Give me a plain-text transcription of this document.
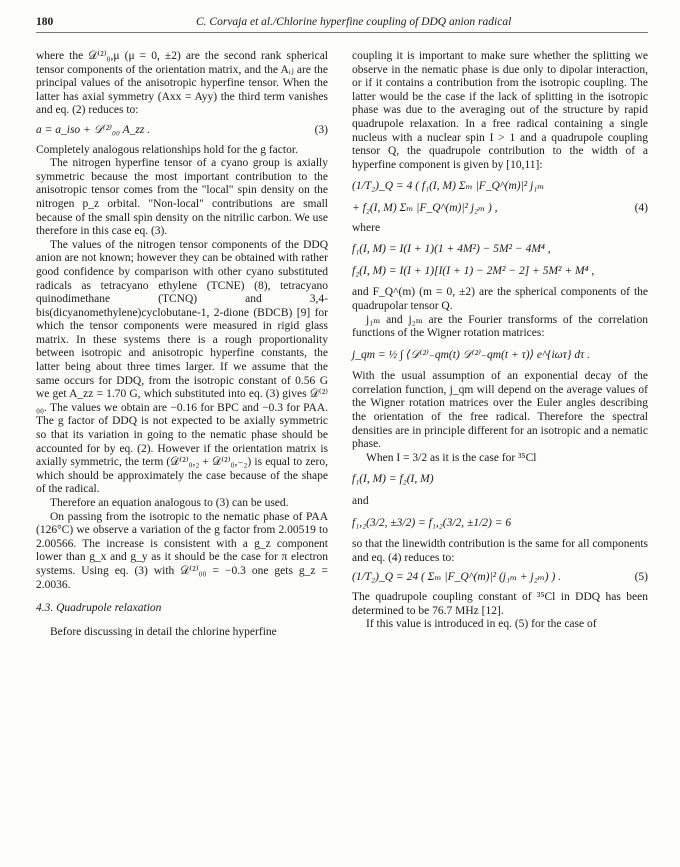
180	C. Corvaja et al./Chlorine hyperfine coupling of DDQ anion radical

where the 𝒟⁽²⁾₀,μ (μ = 0, ±2) are the second rank spherical tensor components of the orientation matrix, and the Aᵢⱼ are the principal values of the anisotropic hyperfine tensor. When the latter has axial symmetry (Axx = Ayy) the third term vanishes and eq. (2) reduces to:

a = a_iso + 𝒟⁽²⁾₀₀ A_zz .	(3)

Completely analogous relationships hold for the g factor.

The nitrogen hyperfine tensor of a cyano group is axially symmetric because the most important contribution to the anisotropic tensor comes from the "local" spin density on the nitrogen p_z orbital. "Non-local" contributions are small because of the small spin density on the nitrilic carbon. We use therefore in this case eq. (3).

The values of the nitrogen tensor components of the DDQ anion are not known; however they can be obtained with rather good confidence by comparison with other cyano substituted radicals as tetracyano ethylene (TCNE) (8), tetracyano quinodimethane (TCNQ) and 3,4-bis(dicyanomethylene)cyclobutane-1, 2-dione (BDCB) [9] for which the tensor components were measured in rigid glass matrix. In these systems there is a rough proportionality between isotropic and anisotropic hyperfine constants, the latter being about three times larger. If we assume that the same occurs for DDQ, from the isotropic constant of 0.56 G we get A_zz = 1.70 G, which substituted into eq. (3) gives 𝒟⁽²⁾₀₀. The values we obtain are −0.16 for BPC and −0.3 for PAA. The g factor of DDQ is not expected to be axially symmetric so that its variation in going to the nematic phase should be accounted for by eq. (2). However if the orientation matrix is axially symmetric, the term (𝒟⁽²⁾₀,₂ + 𝒟⁽²⁾₀,₋₂) is equal to zero, which should be approximately the case because of the shape of the radical.

Therefore an equation analogous to (3) can be used.

On passing from the isotropic to the nematic phase of PAA (126°C) we observe a variation of the g factor from 2.00519 to 2.00566. The increase is consistent with a g_z component lower than g_x and g_y as it should be the case for π electron systems. Using eq. (3) with 𝒟⁽²⁾₀₀ = −0.3 one gets g_z = 2.0036.

4.3. Quadrupole relaxation

Before discussing in detail the chlorine hyperfine

coupling it is important to make sure whether the splitting we observe in the nematic phase is due only to dipolar interaction, or if it contains a contribution from the isotropic coupling. The latter would be the case if the lack of splitting in the isotropic phase was due to the averaging out of the structure by rapid quadrupole relaxation. In a free radical containing a single nucleus with a nuclear spin I > 1 and a quadrupole coupling tensor Q, the quadrupole contribution to the width of a hyperfine component is given by [10,11]:

(1/T₂)_Q = 4 ( f₁(I, M) Σₘ |F_Q^(m)|² j₁ₘ
+ f₂(I, M) Σₘ |F_Q^(m)|² j₂ₘ ) ,	(4)

where

f₁(I, M) = I(I + 1)(1 + 4M²) − 5M² − 4M⁴ ,
f₂(I, M) = I(I + 1)[I(I + 1) − 2M² − 2] + 5M² + M⁴ ,

and F_Q^(m) (m = 0, ±2) are the spherical components of the quadrupolar tensor Q.

j₁ₘ and j₂ₘ are the Fourier transforms of the correlation functions of the Wigner rotation matrices:

j_qm = ½ ∫ ⟨𝒟⁽²⁾₋qm(t) 𝒟⁽²⁾₋qm(t + τ)⟩ e^{iωτ} dτ .

With the usual assumption of an exponential decay of the correlation function, j_qm will depend on the average values of the Wigner rotation matrices over the Euler angles describing the orientation of the free radical. Therefore the spectral densities are in principle different for an isotropic and a nematic phase.

When I = 3/2 as it is the case for ³⁵Cl

f₁(I, M) = f₂(I, M)

and

f₁,₂(3/2, ±3/2) = f₁,₂(3/2, ±1/2) = 6

so that the linewidth contribution is the same for all components and eq. (4) reduces to:

(1/T₂)_Q = 24 ( Σₘ |F_Q^(m)|² (j₁ₘ + j₂ₘ) ) .	(5)

The quadrupole coupling constant of ³⁵Cl in DDQ has been determined to be 76.7 MHz [12].

If this value is introduced in eq. (5) for the case of
